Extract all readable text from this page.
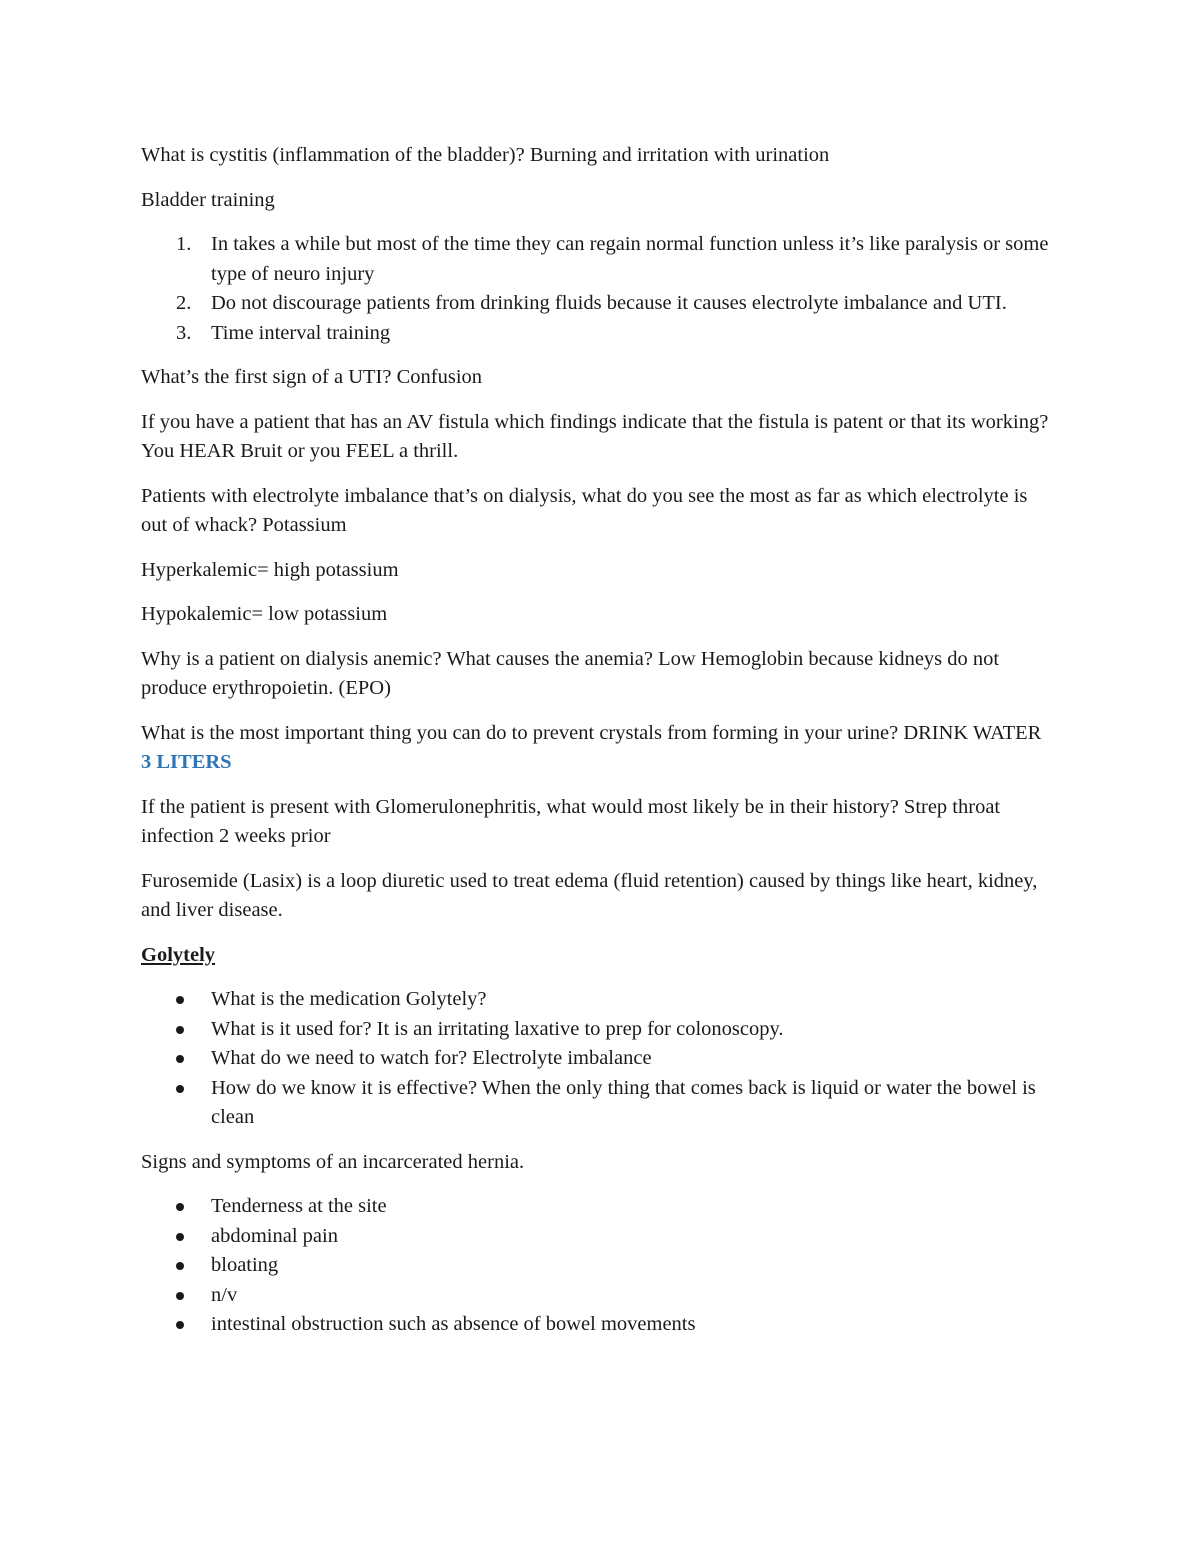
What is cystitis (inflammation of the bladder)? Burning and irritation with urination

Bladder training

1. In takes a while but most of the time they can regain normal function unless it’s like paralysis or some type of neuro injury
2. Do not discourage patients from drinking fluids because it causes electrolyte imbalance and UTI.
3. Time interval training

What’s the first sign of a UTI? Confusion

If you have a patient that has an AV fistula which findings indicate that the fistula is patent or that its working? You HEAR Bruit or you FEEL a thrill.

Patients with electrolyte imbalance that’s on dialysis, what do you see the most as far as which electrolyte is out of whack? Potassium

Hyperkalemic= high potassium

Hypokalemic= low potassium

Why is a patient on dialysis anemic? What causes the anemia? Low Hemoglobin because kidneys do not produce erythropoietin. (EPO)

What is the most important thing you can do to prevent crystals from forming in your urine? DRINK WATER 3 LITERS

If the patient is present with Glomerulonephritis, what would most likely be in their history? Strep throat infection 2 weeks prior

Furosemide (Lasix) is a loop diuretic used to treat edema (fluid retention) caused by things like heart, kidney, and liver disease.

Golytely

What is the medication Golytely?
What is it used for? It is an irritating laxative to prep for colonoscopy.
What do we need to watch for? Electrolyte imbalance
How do we know it is effective? When the only thing that comes back is liquid or water the bowel is clean

Signs and symptoms of an incarcerated hernia.

Tenderness at the site
abdominal pain
bloating
n/v
intestinal obstruction such as absence of bowel movements
